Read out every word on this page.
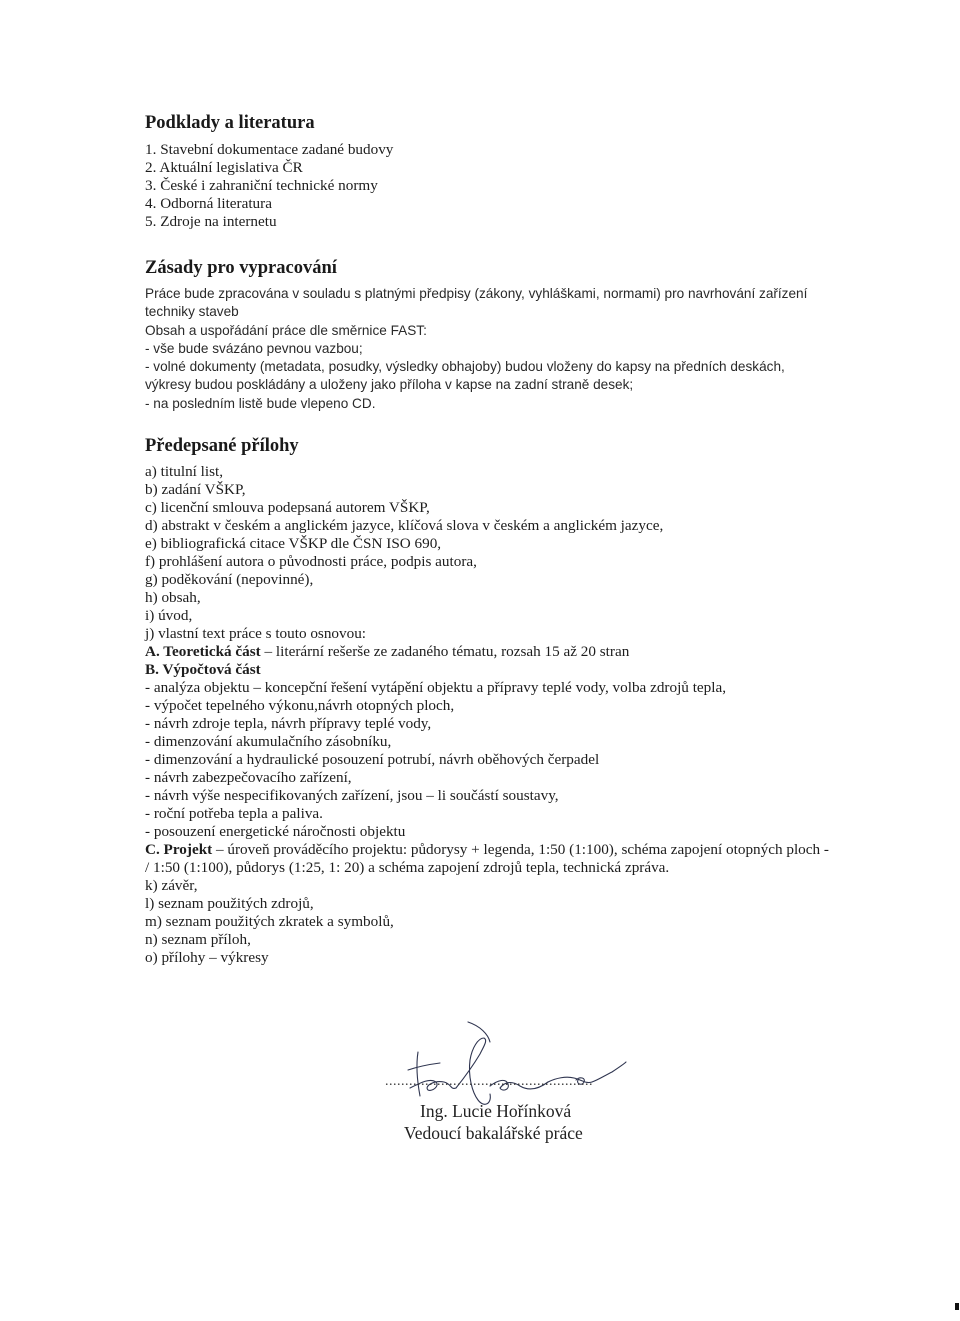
Podklady a literatura
1. Stavební dokumentace zadané budovy
2. Aktuální legislativa ČR
3. České i zahraniční technické normy
4. Odborná literatura
5. Zdroje na internetu
Zásady pro vypracování
Práce bude zpracována v souladu s platnými předpisy (zákony, vyhláškami, normami) pro navrhování zařízení
techniky staveb
Obsah a uspořádání práce dle směrnice FAST:
- vše bude svázáno pevnou vazbou;
- volné dokumenty (metadata, posudky, výsledky obhajoby) budou vloženy do kapsy na předních deskách,
výkresy budou poskládány a uloženy jako příloha v kapse na zadní straně desek;
- na posledním listě bude vlepeno CD.
Předepsané přílohy
a) titulní list,
b) zadání VŠKP,
c) licenční smlouva podepsaná autorem VŠKP,
d) abstrakt v českém a anglickém jazyce, klíčová slova v českém a anglickém jazyce,
e) bibliografická citace VŠKP dle ČSN ISO 690,
f) prohlášení autora o původnosti práce, podpis autora,
g) poděkování (nepovinné),
h) obsah,
i) úvod,
j) vlastní text práce s touto osnovou:
A. Teoretická část – literární rešerše ze zadaného tématu, rozsah 15 až 20 stran
B. Výpočtová část
- analýza objektu – koncepční řešení vytápění objektu a přípravy teplé vody, volba zdrojů tepla,
- výpočet tepelného výkonu,návrh otopných ploch,
- návrh zdroje tepla, návrh přípravy teplé vody,
- dimenzování akumulačního zásobníku,
- dimenzování a hydraulické posouzení potrubí, návrh oběhových čerpadel
- návrh zabezpečovacího zařízení,
- návrh výše nespecifikovaných zařízení, jsou – li součástí soustavy,
- roční potřeba tepla a paliva.
- posouzení energetické náročnosti objektu
C. Projekt – úroveň prováděcího projektu: půdorysy + legenda, 1:50 (1:100), schéma zapojení otopných ploch -
/ 1:50 (1:100), půdorys (1:25, 1: 20) a schéma zapojení zdrojů tepla, technická zpráva.
k) závěr,
l) seznam použitých zdrojů,
m) seznam použitých zkratek a symbolů,
n) seznam příloh,
o) přílohy – výkresy
....................................................
Ing. Lucie Hořínková
Vedoucí bakalářské práce
